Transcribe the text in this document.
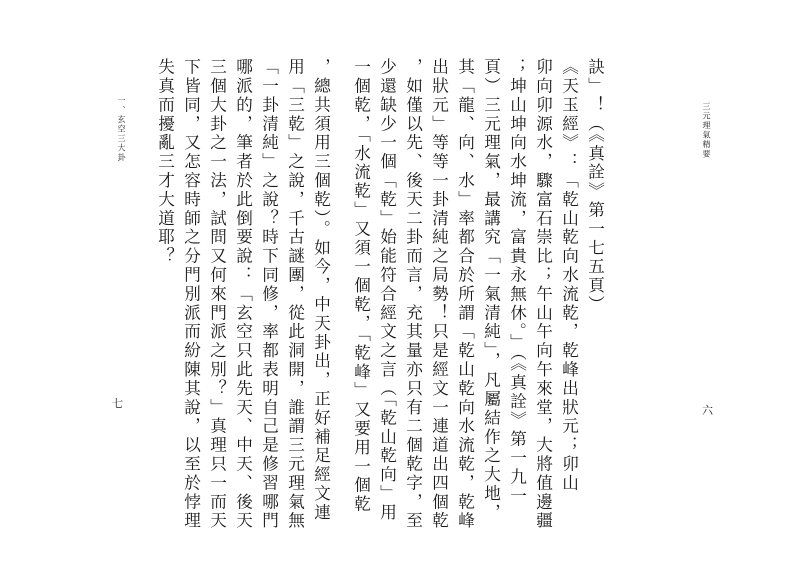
三元理氣精要
六
訣」！（《真詮》第一七五頁）
《天玉經》：「乾山乾向水流乾，乾峰出狀元；卯山
卯向卯源水，驟富石崇比；午山午向午來堂，大將值邊疆
；坤山坤向水坤流，富貴永無休。」（《真詮》第一九一
頁）三元理氣，最講究「一氣清純」，凡屬結作之大地，
其「龍、向、水」率都合於所謂「乾山乾向水流乾，乾峰
出狀元」等等一卦清純之局勢！只是經文一連道出四個乾
，如僅以先、後天二卦而言，充其量亦只有二個乾字，至
少還缺少一個「乾」始能符合經文之言（「乾山乾向」用
一個乾，「水流乾」又須一個乾，「乾峰」又要用一個乾
，總共須用三個乾）。如今，中天卦出，正好補足經文連
用「三乾」之說，千古謎團，從此洞開，誰謂三元理氣無
「一卦清純」之說？時下同修，率都表明自己是修習哪門
哪派的，筆者於此倒要說：「玄空只此先天、中天、後天
三個大卦之一法，試問又何來門派之別？」真理只一而天
下皆同，又怎容時師之分門別派而紛陳其說，以至於悖理
失真而擾亂三才大道耶？
一、玄空三大卦
七
